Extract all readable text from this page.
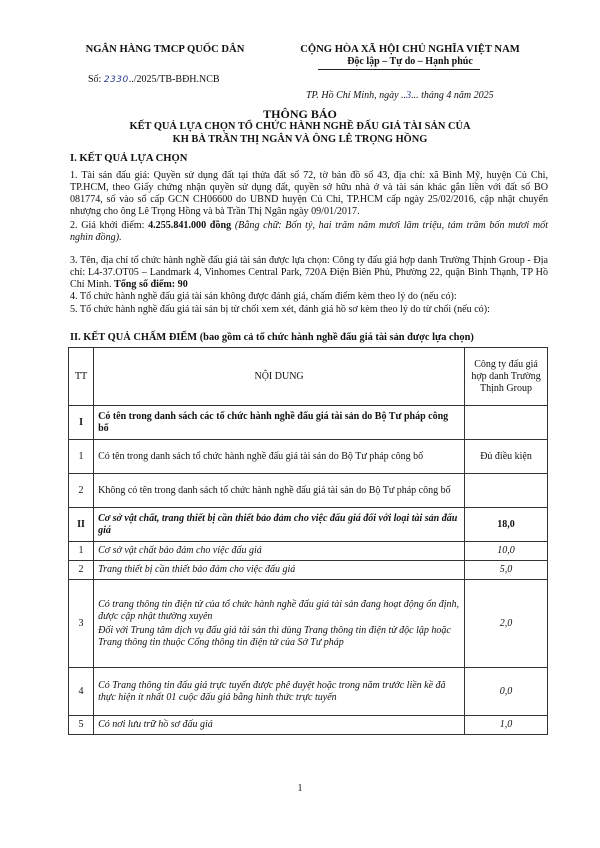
NGÂN HÀNG TMCP QUỐC DÂN	CỘNG HÒA XÃ HỘI CHỦ NGHĨA VIỆT NAM
Độc lập – Tự do – Hạnh phúc
Số: 2330../2025/TB-BĐH.NCB
TP. Hồ Chí Minh, ngày ..3... tháng 4 năm 2025
THÔNG BÁO
KẾT QUẢ LỰA CHỌN TỔ CHỨC HÀNH NGHỀ ĐẤU GIÁ TÀI SẢN CỦA
KH BÀ TRẦN THỊ NGÂN VÀ ÔNG LÊ TRỌNG HỒNG
I. KẾT QUẢ LỰA CHỌN
1. Tài sản đấu giá: Quyền sử dụng đất tại thửa đất số 72, tờ bản đồ số 43, địa chỉ: xã Bình Mỹ, huyện Củ Chi, TP.HCM, theo Giấy chứng nhận quyền sử dụng đất, quyền sở hữu nhà ở và tài sản khác gắn liền với đất số BO 081774, số vào sổ cấp GCN CH06600 do UBND huyện Củ Chi, TP.HCM cấp ngày 25/02/2016, cập nhật chuyển nhượng cho ông Lê Trọng Hồng và bà Trần Thị Ngân ngày 09/01/2017.
2. Giá khởi điểm: 4.255.841.000 đồng (Bằng chữ: Bốn tỷ, hai trăm năm mươi lăm triệu, tám trăm bốn mươi mốt nghìn đồng).
3. Tên, địa chỉ tổ chức hành nghề đấu giá tài sản được lựa chọn: Công ty đấu giá hợp danh Trường Thịnh Group - Địa chỉ: L4-37.OT05 – Landmark 4, Vinhomes Central Park, 720A Điện Biên Phủ, Phường 22, quận Bình Thạnh, TP Hồ Chí Minh. Tổng số điểm: 90
4. Tổ chức hành nghề đấu giá tài sản không được đánh giá, chấm điểm kèm theo lý do (nếu có):
5. Tổ chức hành nghề đấu giá tài sản bị từ chối xem xét, đánh giá hồ sơ kèm theo lý do từ chối (nếu có):
II. KẾT QUẢ CHẤM ĐIỂM (bao gồm cả tổ chức hành nghề đấu giá tài sản được lựa chọn)
TT	NỘI DUNG	Công ty đấu giá hợp danh Trường Thịnh Group
I	Có tên trong danh sách các tổ chức hành nghề đấu giá tài sản do Bộ Tư pháp công bố	
1	Có tên trong danh sách tổ chức hành nghề đấu giá tài sản do Bộ Tư pháp công bố	Đủ điều kiện
2	Không có tên trong danh sách tổ chức hành nghề đấu giá tài sản do Bộ Tư pháp công bố	
II	Cơ sở vật chất, trang thiết bị cần thiết bảo đảm cho việc đấu giá đối với loại tài sản đấu giá	18,0
1	Cơ sở vật chất bảo đảm cho việc đấu giá	10,0
2	Trang thiết bị cần thiết bảo đảm cho việc đấu giá	5,0
3	Có trang thông tin điện tử của tổ chức hành nghề đấu giá tài sản đang hoạt động ổn định, được cập nhật thường xuyên
Đối với Trung tâm dịch vụ đấu giá tài sản thì dùng Trang thông tin điện tử độc lập hoặc Trang thông tin thuộc Cổng thông tin điện tử của Sở Tư pháp	2,0
4	Có Trang thông tin đấu giá trực tuyến được phê duyệt hoặc trong năm trước liền kề đã thực hiện ít nhất 01 cuộc đấu giá bằng hình thức trực tuyến	0,0
5	Có nơi lưu trữ hồ sơ đấu giá	1,0
1
